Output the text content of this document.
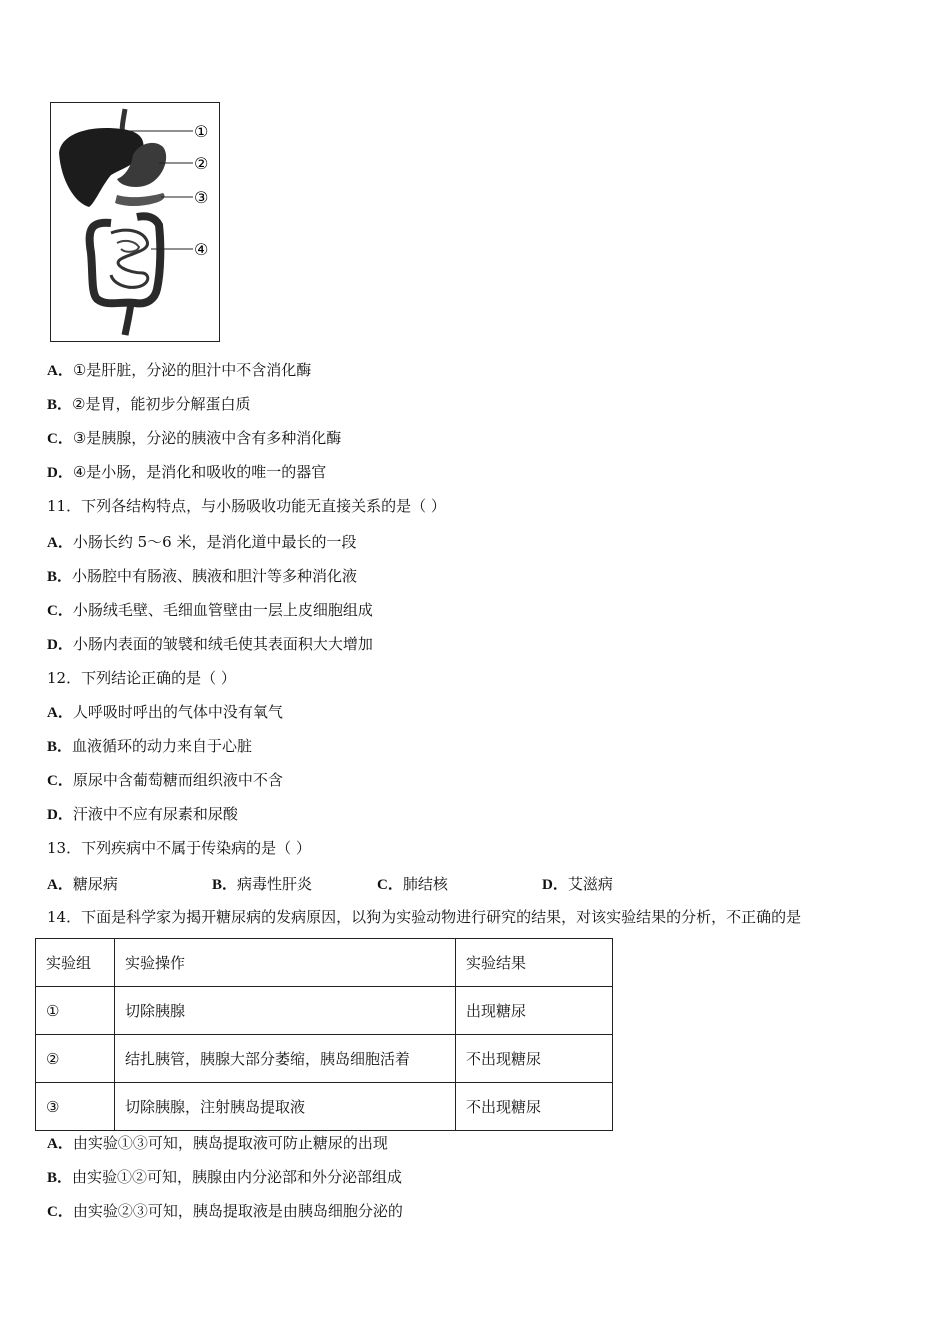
①
②
③
④
A．①是肝脏，分泌的胆汁中不含消化酶
B．②是胃，能初步分解蛋白质
C．③是胰腺，分泌的胰液中含有多种消化酶
D．④是小肠，是消化和吸收的唯一的器官
11．下列各结构特点，与小肠吸收功能无直接关系的是（ ）
A．小肠长约 5～6 米，是消化道中最长的一段
B．小肠腔中有肠液、胰液和胆汁等多种消化液
C．小肠绒毛壁、毛细血管壁由一层上皮细胞组成
D．小肠内表面的皱襞和绒毛使其表面积大大增加
12．下列结论正确的是（ ）
A．人呼吸时呼出的气体中没有氧气
B．血液循环的动力来自于心脏
C．原尿中含葡萄糖而组织液中不含
D．汗液中不应有尿素和尿酸
13．下列疾病中不属于传染病的是（ ）
A．糖尿病	B．病毒性肝炎	C．肺结核	D．艾滋病
14．下面是科学家为揭开糖尿病的发病原因，以狗为实验动物进行研究的结果，对该实验结果的分析，不正确的是
实验组	实验操作	实验结果
①	切除胰腺	出现糖尿
②	结扎胰管，胰腺大部分萎缩，胰岛细胞活着	不出现糖尿
③	切除胰腺，注射胰岛提取液	不出现糖尿
A．由实验①③可知，胰岛提取液可防止糖尿的出现
B．由实验①②可知，胰腺由内分泌部和外分泌部组成
C．由实验②③可知，胰岛提取液是由胰岛细胞分泌的
